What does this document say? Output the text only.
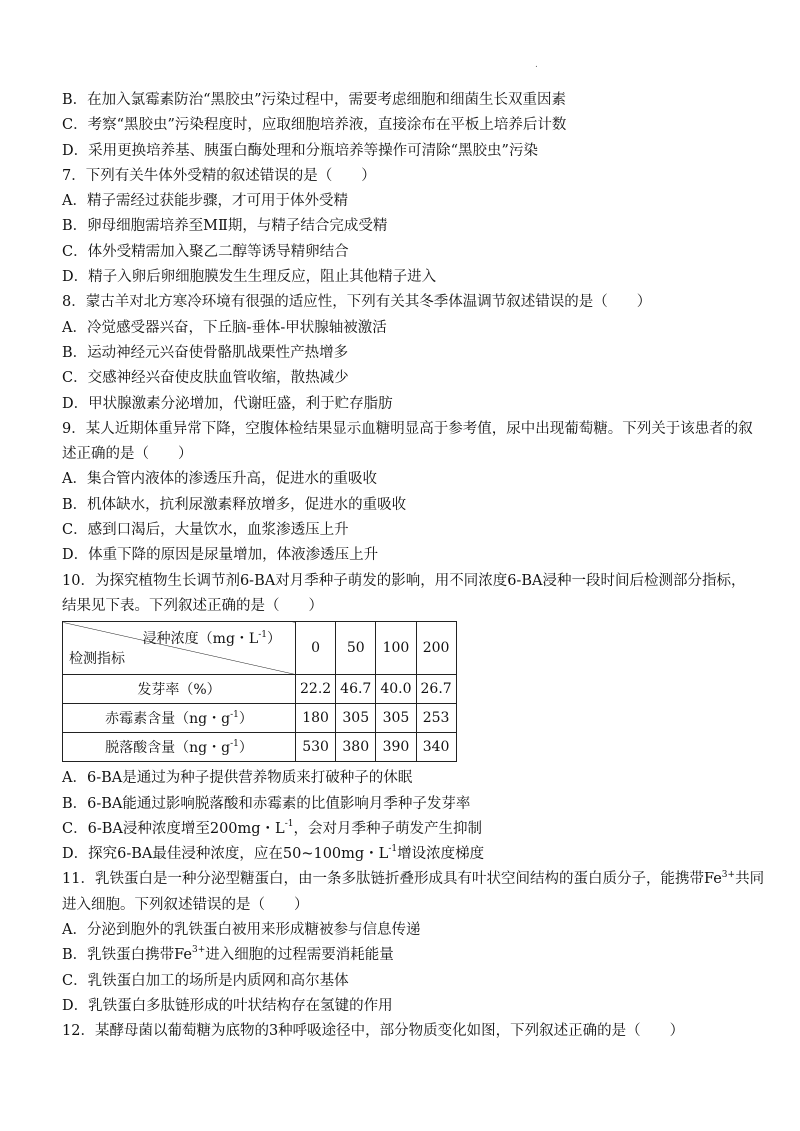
.
B．在加入氯霉素防治“黑胶虫”污染过程中，需要考虑细胞和细菌生长双重因素
C．考察“黑胶虫”污染程度时，应取细胞培养液，直接涂布在平板上培养后计数
D．采用更换培养基、胰蛋白酶处理和分瓶培养等操作可清除“黑胶虫”污染
7．下列有关牛体外受精的叙述错误的是（　　）
A．精子需经过获能步骤，才可用于体外受精
B．卵母细胞需培养至MⅡ期，与精子结合完成受精
C．体外受精需加入聚乙二醇等诱导精卵结合
D．精子入卵后卵细胞膜发生生理反应，阻止其他精子进入
8．蒙古羊对北方寒冷环境有很强的适应性，下列有关其冬季体温调节叙述错误的是（　　）
A．冷觉感受器兴奋，下丘脑-垂体-甲状腺轴被激活
B．运动神经元兴奋使骨骼肌战栗性产热增多
C．交感神经兴奋使皮肤血管收缩，散热减少
D．甲状腺激素分泌增加，代谢旺盛，利于贮存脂肪
9．某人近期体重异常下降，空腹体检结果显示血糖明显高于参考值，尿中出现葡萄糖。下列关于该患者的叙
述正确的是（　　）
A．集合管内液体的渗透压升高，促进水的重吸收
B．机体缺水，抗利尿激素释放增多，促进水的重吸收
C．感到口渴后，大量饮水，血浆渗透压上升
D．体重下降的原因是尿量增加，体液渗透压上升
10．为探究植物生长调节剂6-BA对月季种子萌发的影响，用不同浓度6-BA浸种一段时间后检测部分指标，
结果见下表。下列叙述正确的是（　　）
浸种浓度（mg・$L^{-1}$）
检测指标	0	50	100	200
发芽率（%）	22.2	46.7	40.0	26.7
赤霉素含量（ng・$g^{-1}$）	180	305	305	253
脱落酸含量（ng・$g^{-1}$）	530	380	390	340
A．6-BA是通过为种子提供营养物质来打破种子的休眠
B．6-BA能通过影响脱落酸和赤霉素的比值影响月季种子发芽率
C．6-BA浸种浓度增至200mg・$L^{-1}$，会对月季种子萌发产生抑制
D．探究6-BA最佳浸种浓度，应在50~100mg・$L^{-1}$增设浓度梯度
11．乳铁蛋白是一种分泌型糖蛋白，由一条多肽链折叠形成具有叶状空间结构的蛋白质分子，能携带$Fe^{3+}$共同
进入细胞。下列叙述错误的是（　　）
A．分泌到胞外的乳铁蛋白被用来形成糖被参与信息传递
B．乳铁蛋白携带$Fe^{3+}$进入细胞的过程需要消耗能量
C．乳铁蛋白加工的场所是内质网和高尔基体
D．乳铁蛋白多肽链形成的叶状结构存在氢键的作用
12．某酵母菌以葡萄糖为底物的3种呼吸途径中，部分物质变化如图，下列叙述正确的是（　　）
